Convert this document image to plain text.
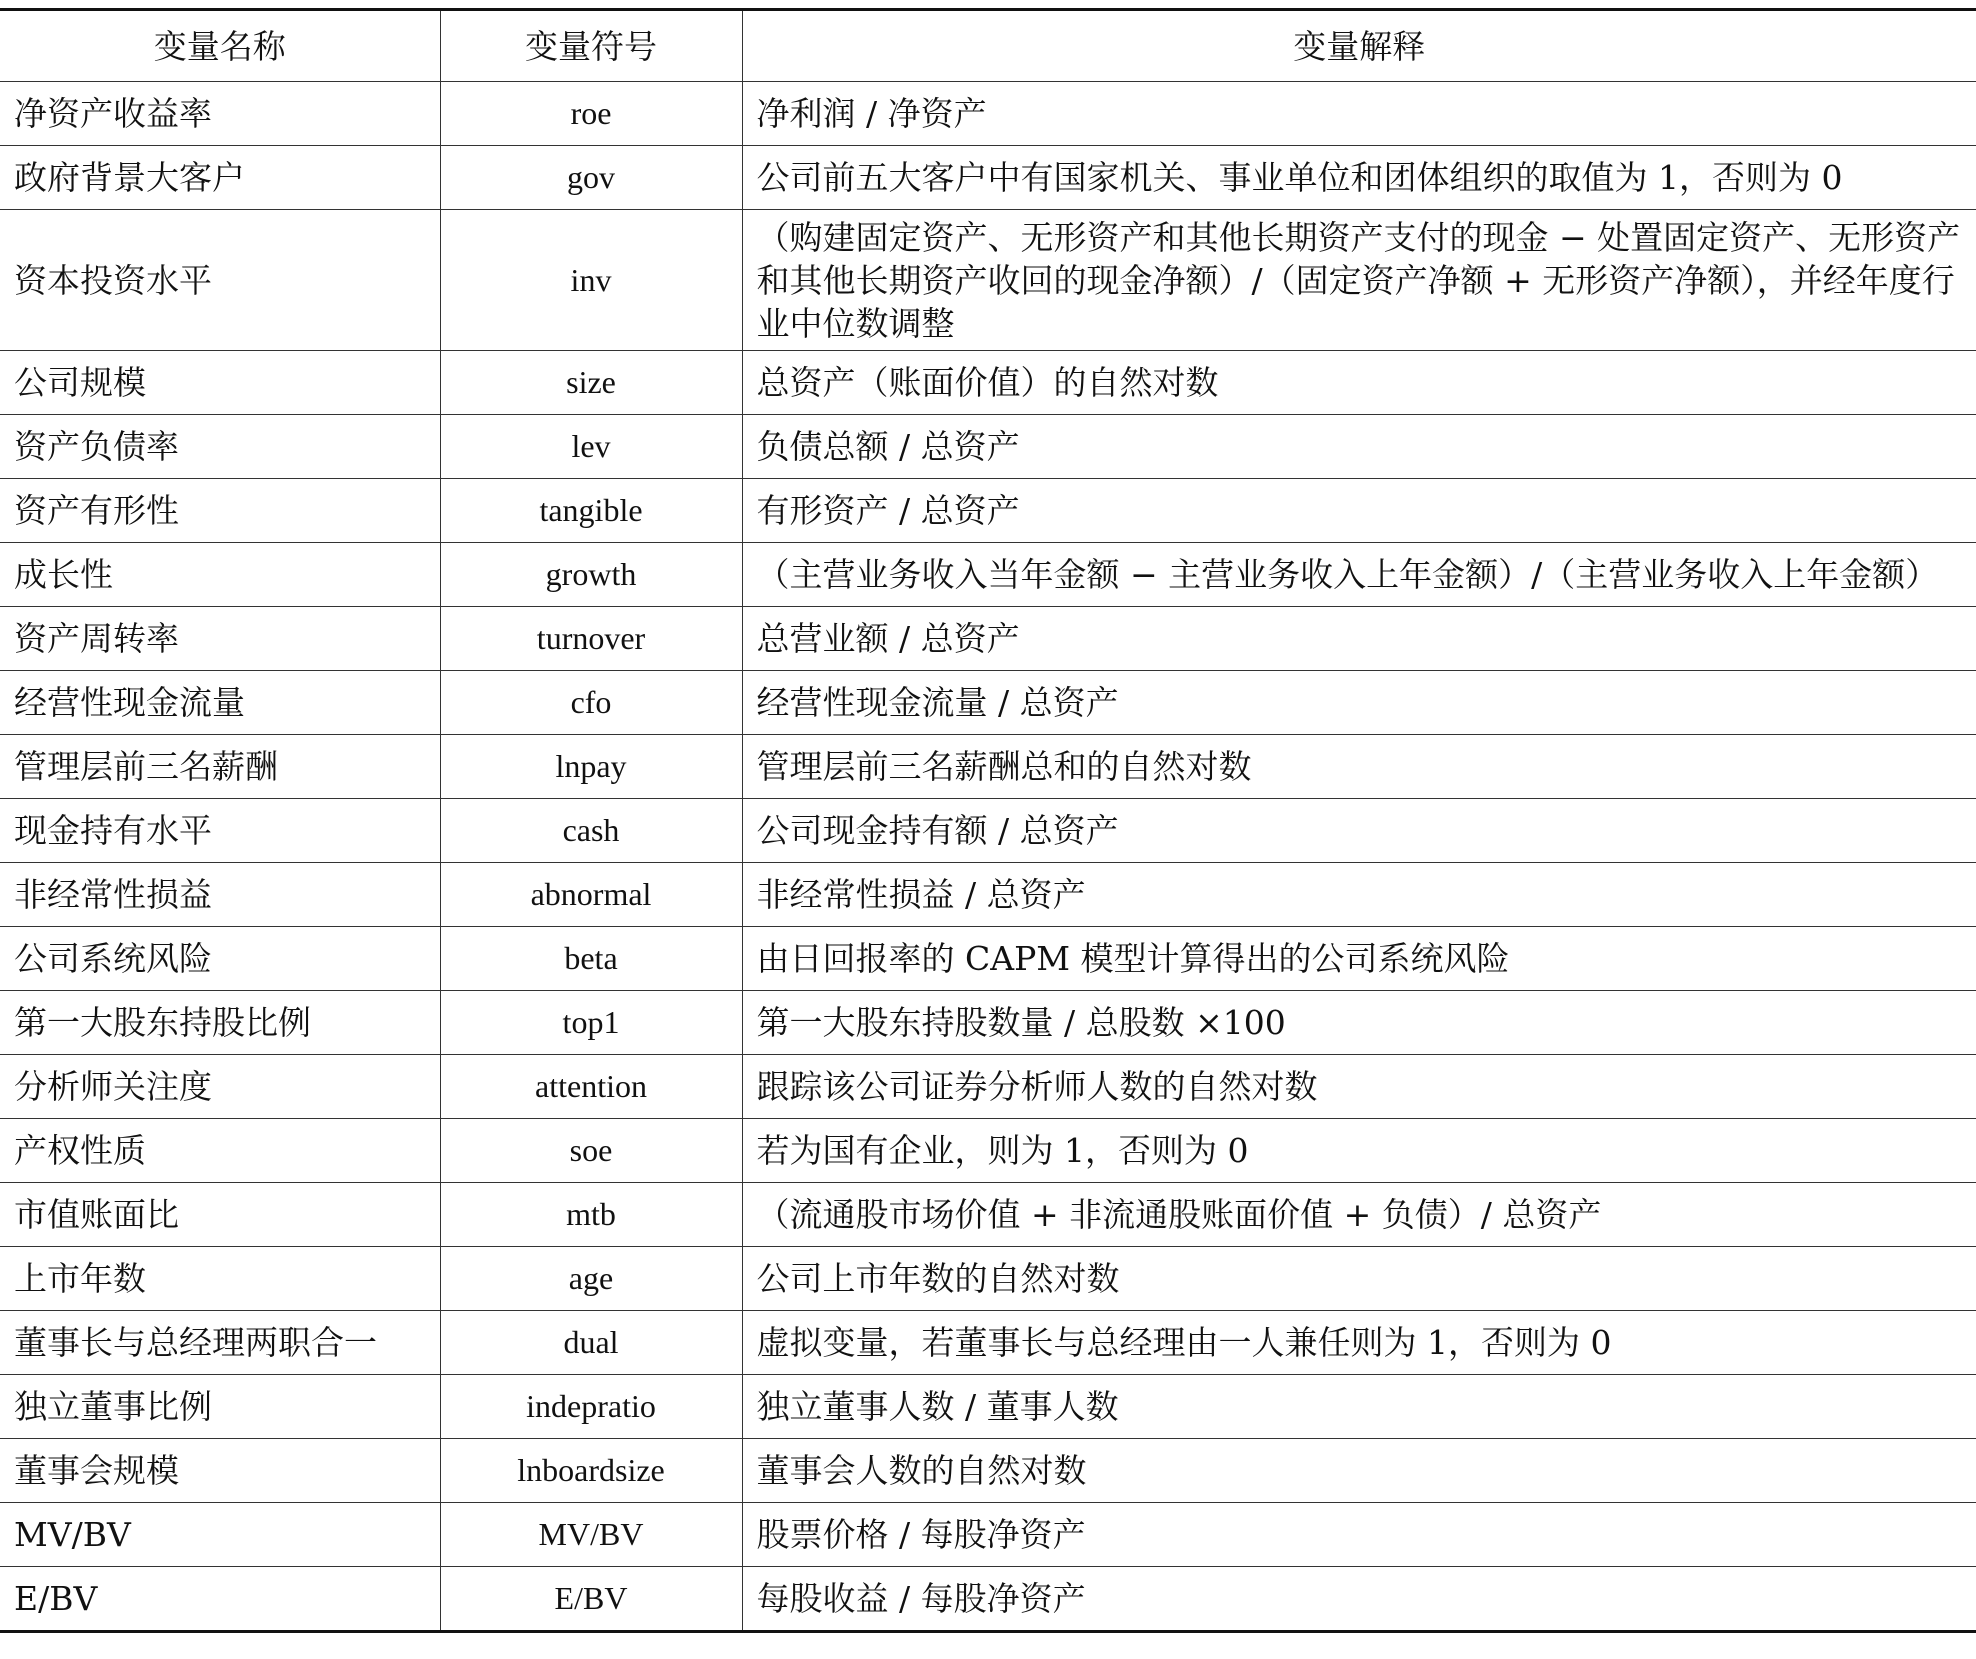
变量名称	变量符号	变量解释
净资产收益率	roe	净利润 / 净资产
政府背景大客户	gov	公司前五大客户中有国家机关、事业单位和团体组织的取值为 1，否则为 0
资本投资水平	inv	（购建固定资产、无形资产和其他长期资产支付的现金 − 处置固定资产、无形资产和其他长期资产收回的现金净额）/（固定资产净额 + 无形资产净额），并经年度行业中位数调整
公司规模	size	总资产（账面价值）的自然对数
资产负债率	lev	负债总额 / 总资产
资产有形性	tangible	有形资产 / 总资产
成长性	growth	（主营业务收入当年金额 − 主营业务收入上年金额）/（主营业务收入上年金额）
资产周转率	turnover	总营业额 / 总资产
经营性现金流量	cfo	经营性现金流量 / 总资产
管理层前三名薪酬	lnpay	管理层前三名薪酬总和的自然对数
现金持有水平	cash	公司现金持有额 / 总资产
非经常性损益	abnormal	非经常性损益 / 总资产
公司系统风险	beta	由日回报率的 CAPM 模型计算得出的公司系统风险
第一大股东持股比例	top1	第一大股东持股数量 / 总股数 ×100
分析师关注度	attention	跟踪该公司证券分析师人数的自然对数
产权性质	soe	若为国有企业，则为 1，否则为 0
市值账面比	mtb	（流通股市场价值 + 非流通股账面价值 + 负债）/ 总资产
上市年数	age	公司上市年数的自然对数
董事长与总经理两职合一	dual	虚拟变量，若董事长与总经理由一人兼任则为 1，否则为 0
独立董事比例	indepratio	独立董事人数 / 董事人数
董事会规模	lnboardsize	董事会人数的自然对数
MV/BV	MV/BV	股票价格 / 每股净资产
E/BV	E/BV	每股收益 / 每股净资产
